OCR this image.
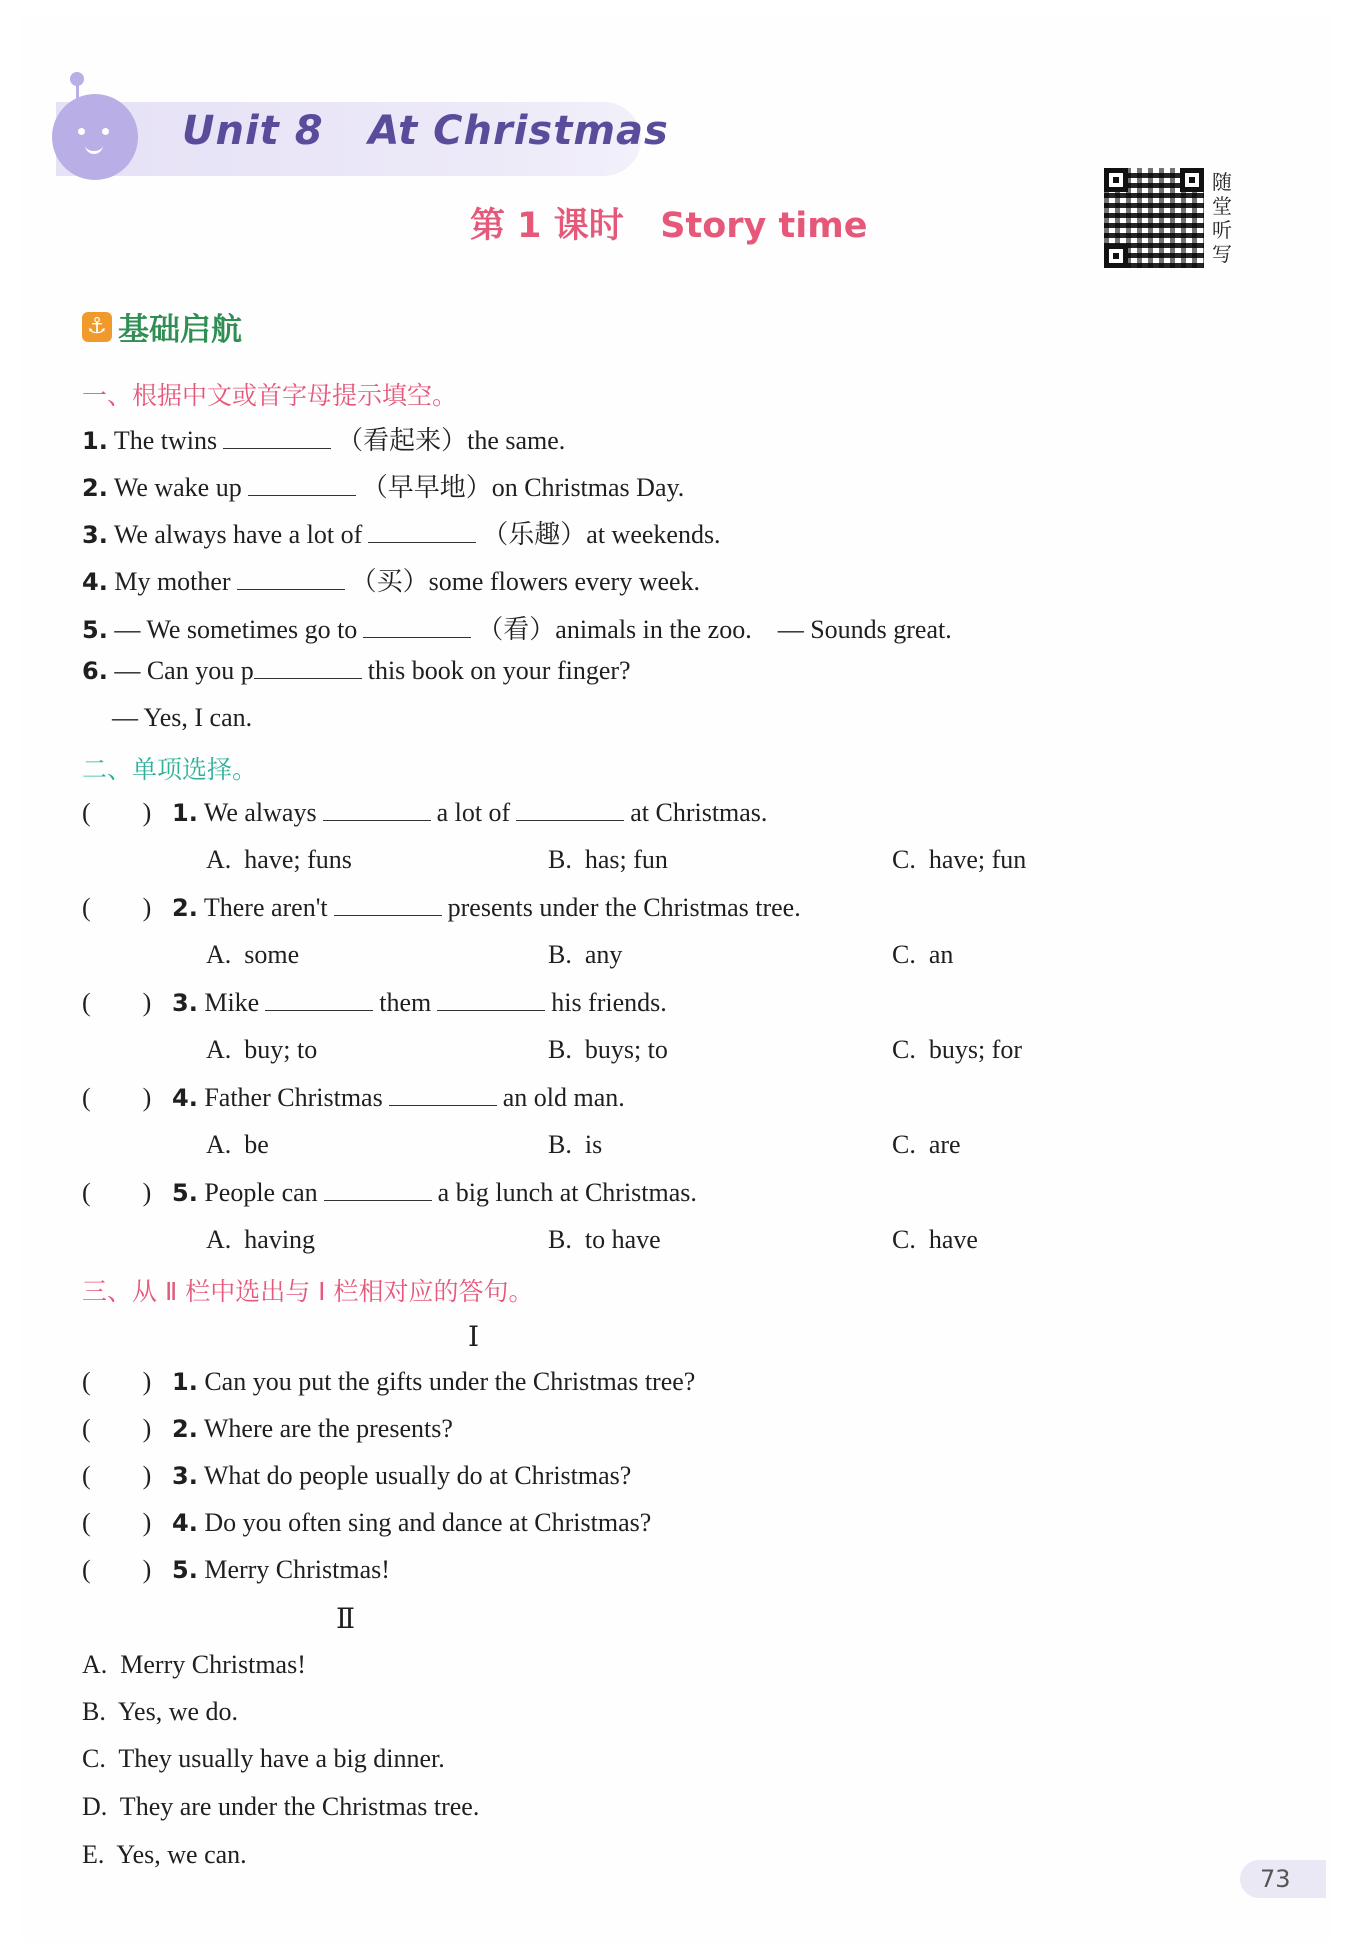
Unit 8   At Christmas
第 1 课时   Story time
随
堂
听
写
⚓ 基础启航
一、根据中文或首字母提示填空。
1. The twins	（看起来）the same.
2. We wake up	（早早地）on Christmas Day.
3. We always have a lot of	（乐趣）at weekends.
4. My mother	（买）some flowers every week.
5. — We sometimes go to	（看）animals in the zoo.    — Sounds great.
6. — Can you p	this book on your finger?
— Yes, I can.
二、单项选择。
(        ) 1. We always	a lot of	at Christmas.
A.  have; funs	B.  has; fun	C.  have; fun
(        ) 2. There aren't	presents under the Christmas tree.
A.  some	B.  any	C.  an
(        ) 3. Mike	them	his friends.
A.  buy; to	B.  buys; to	C.  buys; for
(        ) 4. Father Christmas	an old man.
A.  be	B.  is	C.  are
(        ) 5. People can	a big lunch at Christmas.
A.  having	B.  to have	C.  have
三、从 Ⅱ 栏中选出与 Ⅰ 栏相对应的答句。
Ⅰ
(        ) 1. Can you put the gifts under the Christmas tree?
(        ) 2. Where are the presents?
(        ) 3. What do people usually do at Christmas?
(        ) 4. Do you often sing and dance at Christmas?
(        ) 5. Merry Christmas!
Ⅱ
A.  Merry Christmas!
B.  Yes, we do.
C.  They usually have a big dinner.
D.  They are under the Christmas tree.
E.  Yes, we can.
73
